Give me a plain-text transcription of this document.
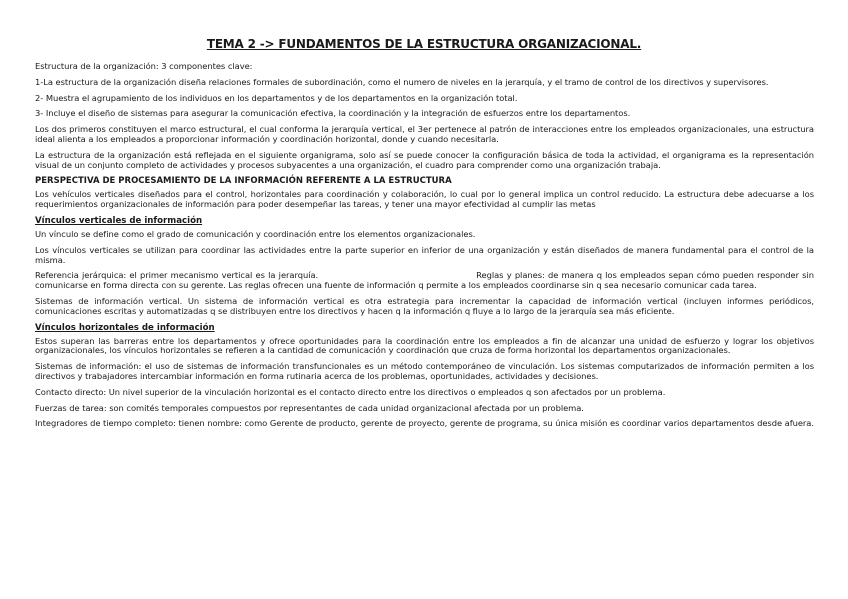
TEMA 2 -> FUNDAMENTOS DE LA ESTRUCTURA ORGANIZACIONAL.

Estructura de la organización: 3 componentes clave:

1-La estructura de la organización diseña relaciones formales de subordinación, como el numero de niveles en la jerarquía, y el tramo de control de los directivos y supervisores.

2- Muestra el agrupamiento de los individuos en los departamentos y de los departamentos en la organización total.

3- Incluye el diseño de sistemas para asegurar la comunicación efectiva, la coordinación y la integración de esfuerzos entre los departamentos.

Los dos primeros constituyen el marco estructural, el cual conforma la jerarquía vertical, el 3er pertenece al patrón de interacciones entre los empleados organizacionales, una estructura ideal alienta a los empleados a proporcionar información y coordinación horizontal, donde y cuando necesitarla.

La estructura de la organización está reflejada en el siguiente organigrama, solo así se puede conocer la configuración básica de toda la actividad, el organigrama es la representación visual de un conjunto completo de actividades y procesos subyacentes a una organización, el cuadro para comprender como una organización trabaja.

PERSPECTIVA DE PROCESAMIENTO DE LA INFORMACIÓN REFERENTE A LA ESTRUCTURA

Los vehículos verticales diseñados para el control, horizontales para coordinación y colaboración, lo cual por lo general implica un control reducido. La estructura debe adecuarse a los requerimientos organizacionales de información para poder desempeñar las tareas, y tener una mayor efectividad al cumplir las metas

Vínculos verticales de información

Un vínculo se define como el grado de comunicación y coordinación entre los elementos organizacionales.

Los vínculos verticales se utilizan para coordinar las actividades entre la parte superior en inferior de una organización y están diseñados de manera fundamental para el control de la misma.

Referencia jerárquica: el primer mecanismo vertical es la jerarquía.	Reglas y planes: de manera q los empleados sepan cómo pueden responder sin comunicarse en forma directa con su gerente. Las reglas ofrecen una fuente de información q permite a los empleados coordinarse sin q sea necesario comunicar cada tarea.

Sistemas de información vertical. Un sistema de información vertical es otra estrategia para incrementar la capacidad de información vertical (incluyen informes periódicos, comunicaciones escritas y automatizadas q se distribuyen entre los directivos y hacen q la información q fluye a lo largo de la jerarquía sea más eficiente.

Vínculos horizontales de información

Estos superan las barreras entre los departamentos y ofrece oportunidades para la coordinación entre los empleados a fin de alcanzar una unidad de esfuerzo y lograr los objetivos organizacionales, los vínculos horizontales se refieren a la cantidad de comunicación y coordinación que cruza de forma horizontal los departamentos organizacionales.

Sistemas de información: el uso de sistemas de información transfuncionales es un método contemporáneo de vinculación. Los sistemas computarizados de información permiten a los directivos y trabajadores intercambiar información en forma rutinaria acerca de los problemas, oportunidades, actividades y decisiones.

Contacto directo: Un nivel superior de la vinculación horizontal es el contacto directo entre los directivos o empleados q son afectados por un problema.

Fuerzas de tarea: son comités temporales compuestos por representantes de cada unidad organizacional afectada por un problema.

Integradores de tiempo completo: tienen nombre: como Gerente de producto, gerente de proyecto, gerente de programa, su única misión es coordinar varios departamentos desde afuera.
